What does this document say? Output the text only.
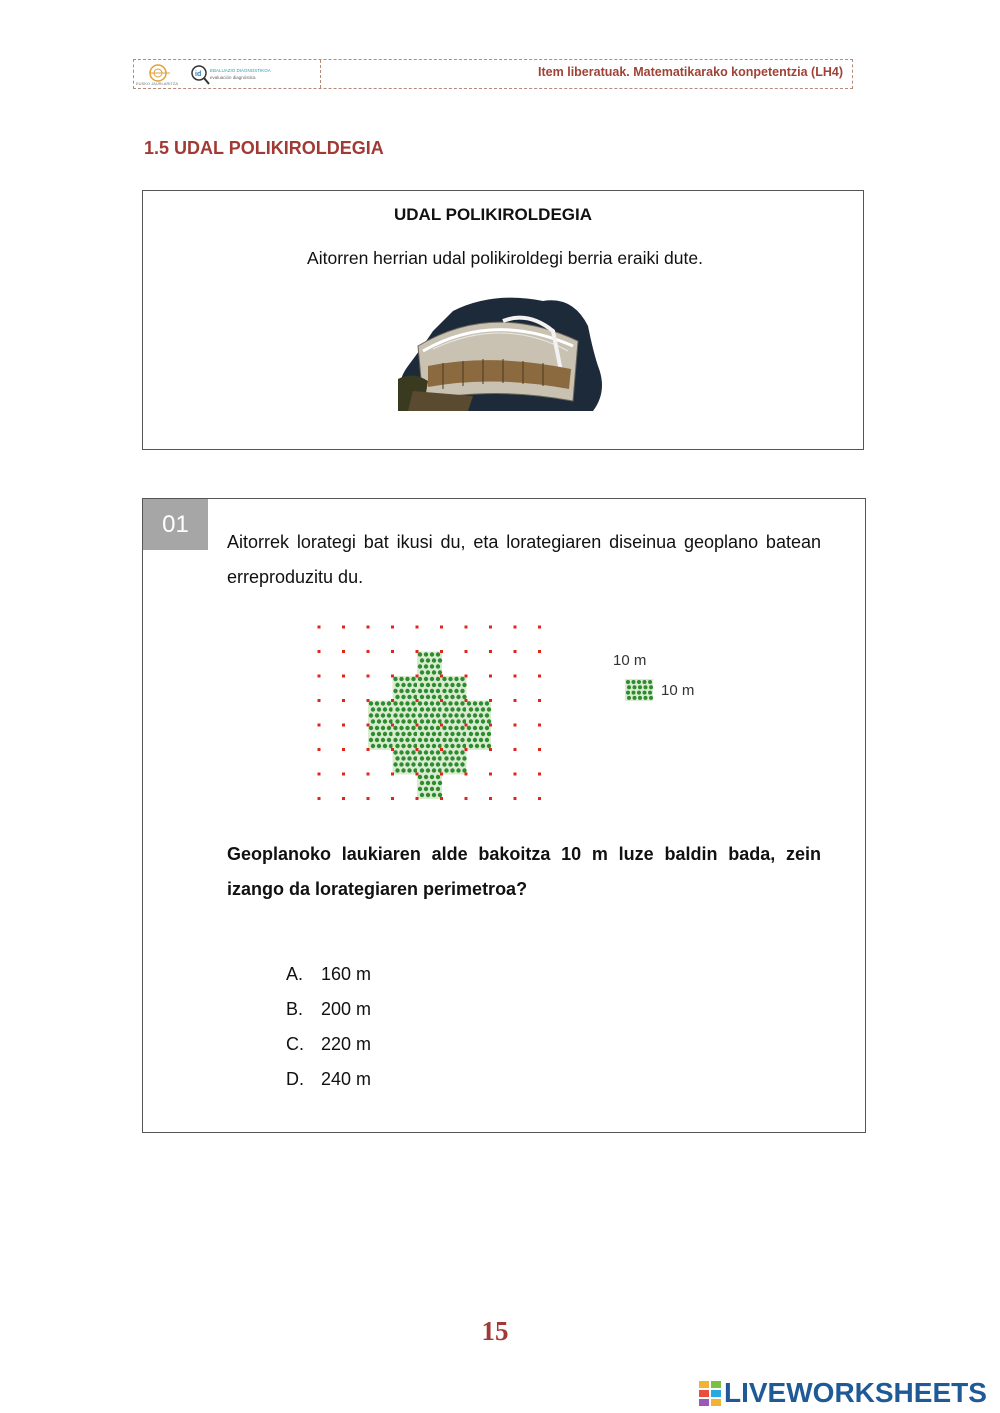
EUSKO JAURLARITZA
id
EBALUAZIO DIAGNOSTIKOA
evaluación diagnóstica	Item liberatuak. Matematikarako konpetentzia (LH4)
1.5 UDAL POLIKIROLDEGIA
UDAL POLIKIROLDEGIA
Aitorren herrian udal polikiroldegi berria eraiki dute.
01
Aitorrek lorategi bat ikusi du, eta lorategiaren diseinua geoplano batean erreproduzitu du.
10 m
10 m
Geoplanoko laukiaren alde bakoitza 10 m luze baldin bada, zein izango da lorategiaren perimetroa?
A. 160 m
B. 200 m
C. 220 m
D. 240 m
15
LIVEWORKSHEETS
